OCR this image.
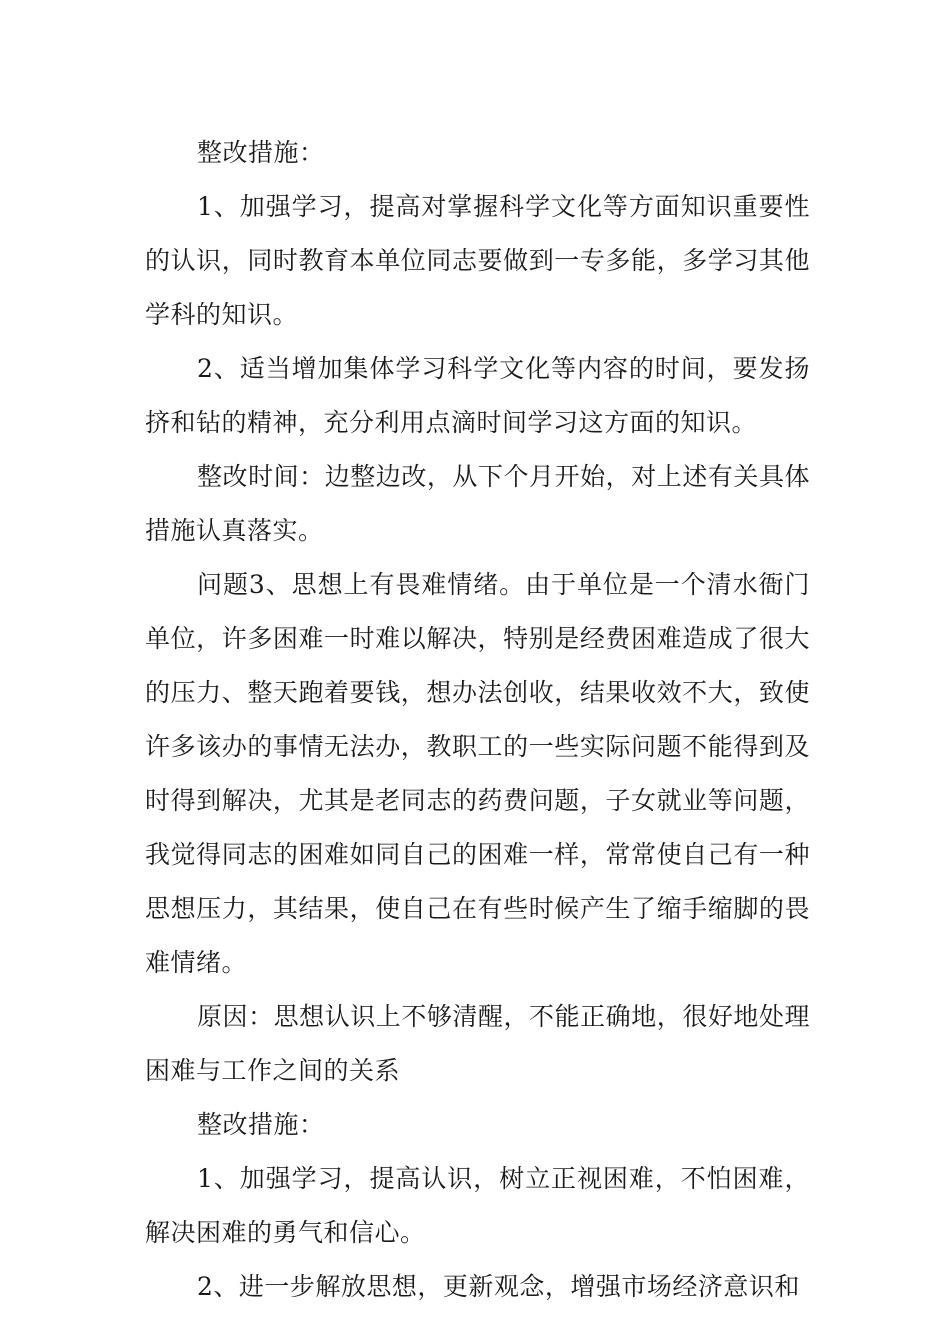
整改措施：

1、加强学习，提高对掌握科学文化等方面知识重要性的认识，同时教育本单位同志要做到一专多能，多学习其他学科的知识。

2、适当增加集体学习科学文化等内容的时间，要发扬挤和钻的精神，充分利用点滴时间学习这方面的知识。

整改时间：边整边改，从下个月开始，对上述有关具体措施认真落实。

问题3、思想上有畏难情绪。由于单位是一个清水衙门单位，许多困难一时难以解决，特别是经费困难造成了很大的压力、整天跑着要钱，想办法创收，结果收效不大，致使许多该办的事情无法办，教职工的一些实际问题不能得到及时得到解决，尤其是老同志的药费问题，子女就业等问题，我觉得同志的困难如同自己的困难一样，常常使自己有一种思想压力，其结果，使自己在有些时候产生了缩手缩脚的畏难情绪。

原因：思想认识上不够清醒，不能正确地，很好地处理困难与工作之间的关系

整改措施：

1、加强学习，提高认识，树立正视困难，不怕困难，解决困难的勇气和信心。

2、进一步解放思想，更新观念，增强市场经济意识和
